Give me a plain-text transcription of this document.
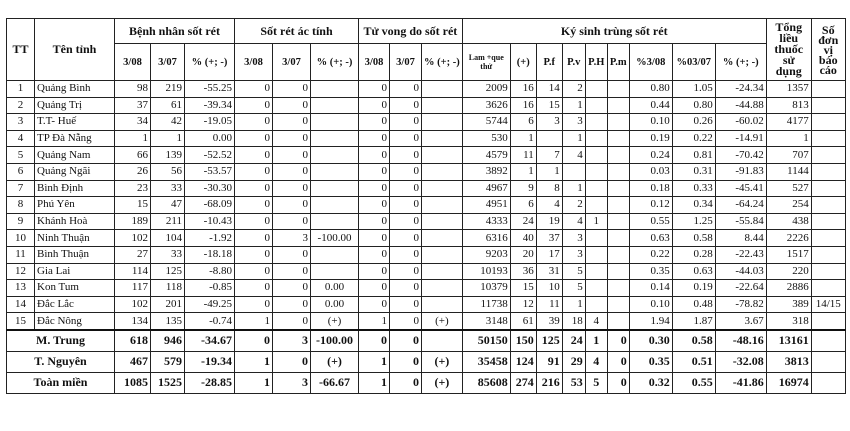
TT	Tên tỉnh	Bệnh nhân sốt rét			Sốt rét ác tính			Tử vong do sốt rét			Ký sinh trùng sốt rét									Tổng liều thuốc sử dụng	Số đơn vị báo cáo
		3/08	3/07	% (+; -)	3/08	3/07	% (+; -)	3/08	3/07	% (+; -)	Lam +que thử	(+)	P.f	P.v	P.H	P.m	%3/08	%03/07	% (+; -)		
1	Quảng Bình	98	219	-55.25	0	0		0	0		2009	16	14	2			0.80	1.05	-24.34	1357	
2	Quảng Trị	37	61	-39.34	0	0		0	0		3626	16	15	1			0.44	0.80	-44.88	813	
3	T.T- Huế	34	42	-19.05	0	0		0	0		5744	6	3	3			0.10	0.26	-60.02	4177	
4	TP Đà Nẵng	1	1	0.00	0	0		0	0		530	1		1			0.19	0.22	-14.91	1	
5	Quảng Nam	66	139	-52.52	0	0		0	0		4579	11	7	4			0.24	0.81	-70.42	707	
6	Quảng Ngãi	26	56	-53.57	0	0		0	0		3892	1	1				0.03	0.31	-91.83	1144	
7	Bình Định	23	33	-30.30	0	0		0	0		4967	9	8	1			0.18	0.33	-45.41	527	
8	Phú Yên	15	47	-68.09	0	0		0	0		4951	6	4	2			0.12	0.34	-64.24	254	
9	Khánh Hoà	189	211	-10.43	0	0		0	0		4333	24	19	4	1		0.55	1.25	-55.84	438	
10	Ninh Thuận	102	104	-1.92	0	3	-100.00	0	0		6316	40	37	3			0.63	0.58	8.44	2226	
11	Bình Thuận	27	33	-18.18	0	0		0	0		9203	20	17	3			0.22	0.28	-22.43	1517	
12	Gia Lai	114	125	-8.80	0	0		0	0		10193	36	31	5			0.35	0.63	-44.03	220	
13	Kon Tum	117	118	-0.85	0	0	0.00	0	0		10379	15	10	5			0.14	0.19	-22.64	2886	
14	Đắc Lắc	102	201	-49.25	0	0	0.00	0	0		11738	12	11	1			0.10	0.48	-78.82	389	14/15
15	Đắc Nông	134	135	-0.74	1	0	(+)	1	0	(+)	3148	61	39	18	4		1.94	1.87	3.67	318	
M. Trung		618	946	-34.67	0	3	-100.00	0	0		50150	150	125	24	1	0	0.30	0.58	-48.16	13161	
T. Nguyên		467	579	-19.34	1	0	(+)	1	0	(+)	35458	124	91	29	4	0	0.35	0.51	-32.08	3813	
Toàn miền		1085	1525	-28.85	1	3	-66.67	1	0	(+)	85608	274	216	53	5	0	0.32	0.55	-41.86	16974	
